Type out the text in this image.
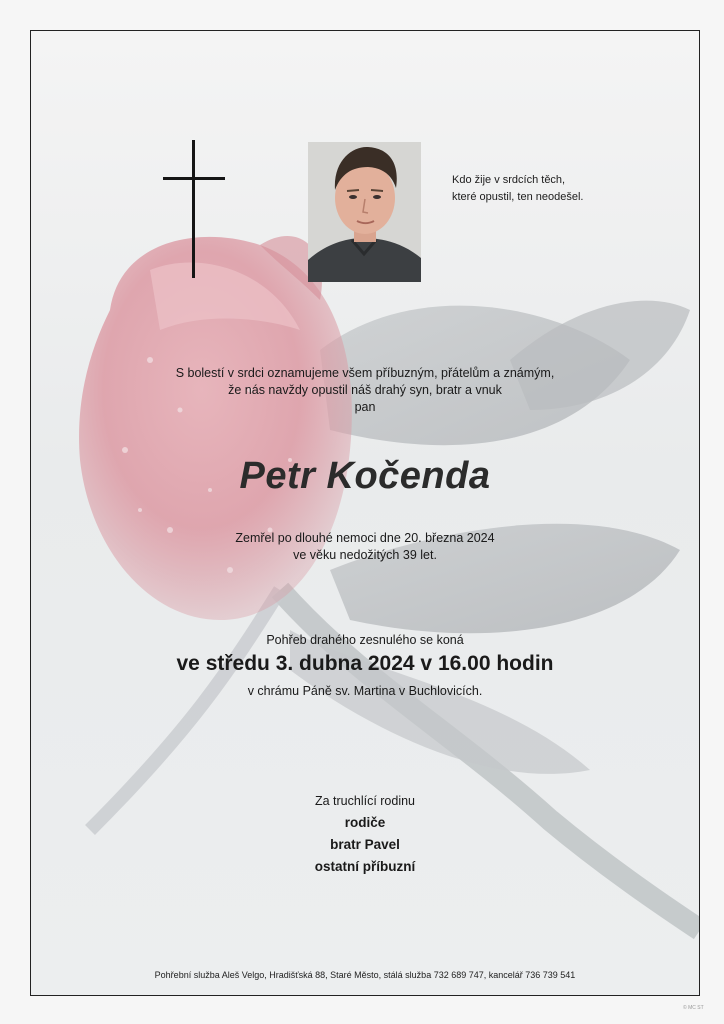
Kdo žije v srdcích těch,
které opustil, ten neodešel.
S bolestí v srdci oznamujeme všem příbuzným, přátelům a známým,
že nás navždy opustil náš drahý syn, bratr a vnuk
pan
Petr Kočenda
Zemřel po dlouhé nemoci dne 20. března 2024
ve věku nedožitých 39 let.
Pohřeb drahého zesnulého se koná
ve středu 3. dubna 2024 v 16.00 hodin
v chrámu Páně sv. Martina v Buchlovicích.
Za truchlící rodinu
rodiče
bratr Pavel
ostatní příbuzní
Pohřební služba Aleš Velgo, Hradišťská 88, Staré Město, stálá služba 732 689 747, kancelář 736 739 541
© MC ST
